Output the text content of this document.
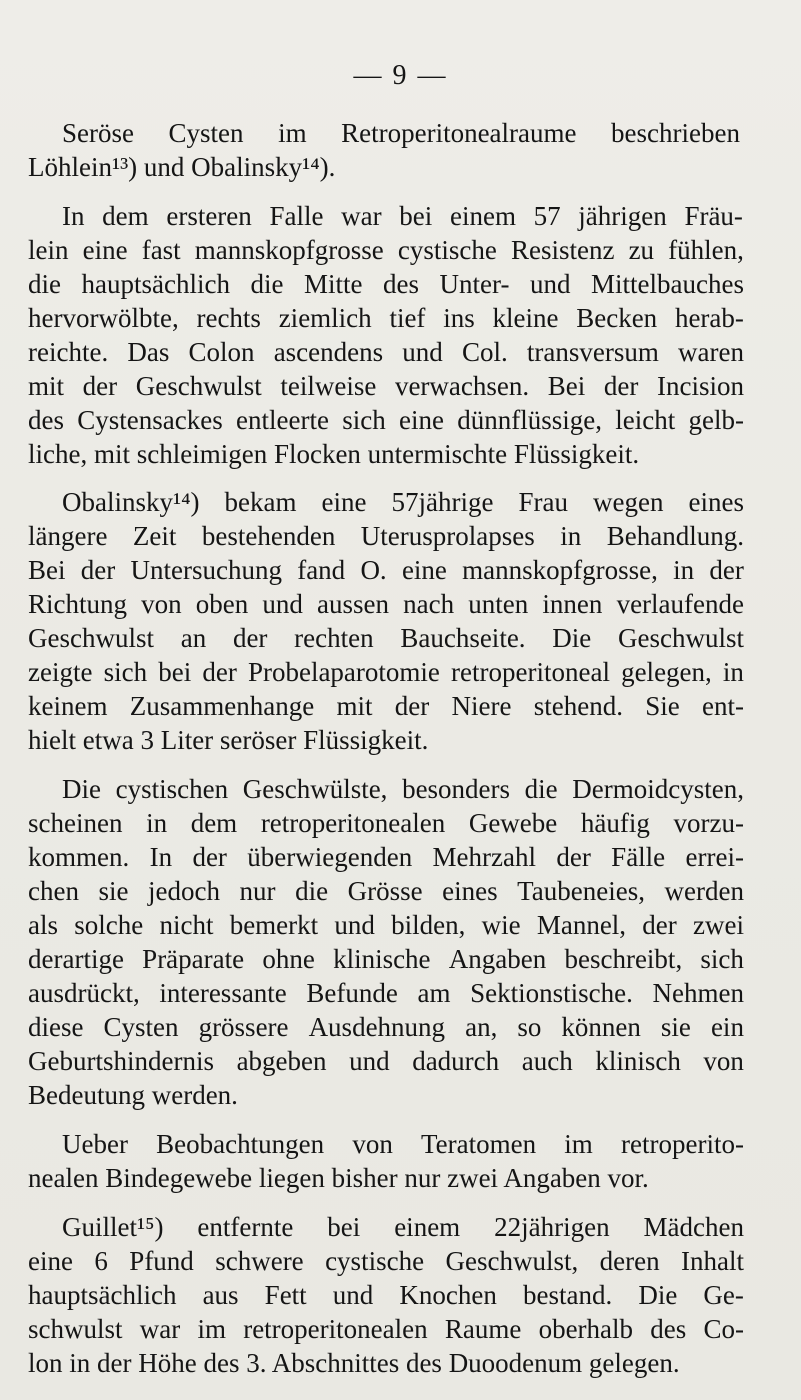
— 9 —
Seröse Cysten im Retroperitonealraume beschrieben
Löhlein¹³) und Obalinsky¹⁴).
In dem ersteren Falle war bei einem 57 jährigen Fräu-
lein eine fast mannskopfgrosse cystische Resistenz zu fühlen,
die hauptsächlich die Mitte des Unter- und Mittelbauches
hervorwölbte, rechts ziemlich tief ins kleine Becken herab-
reichte. Das Colon ascendens und Col. transversum waren
mit der Geschwulst teilweise verwachsen. Bei der Incision
des Cystensackes entleerte sich eine dünnflüssige, leicht gelb-
liche, mit schleimigen Flocken untermischte Flüssigkeit.
Obalinsky¹⁴) bekam eine 57jährige Frau wegen eines
längere Zeit bestehenden Uterusprolapses in Behandlung.
Bei der Untersuchung fand O. eine mannskopfgrosse, in der
Richtung von oben und aussen nach unten innen verlaufende
Geschwulst an der rechten Bauchseite. Die Geschwulst
zeigte sich bei der Probelaparotomie retroperitoneal gelegen, in
keinem Zusammenhange mit der Niere stehend. Sie ent-
hielt etwa 3 Liter seröser Flüssigkeit.
Die cystischen Geschwülste, besonders die Dermoidcysten,
scheinen in dem retroperitonealen Gewebe häufig vorzu-
kommen. In der überwiegenden Mehrzahl der Fälle errei-
chen sie jedoch nur die Grösse eines Taubeneies, werden
als solche nicht bemerkt und bilden, wie Mannel, der zwei
derartige Präparate ohne klinische Angaben beschreibt, sich
ausdrückt, interessante Befunde am Sektionstische. Nehmen
diese Cysten grössere Ausdehnung an, so können sie ein
Geburtshindernis abgeben und dadurch auch klinisch von
Bedeutung werden.
Ueber Beobachtungen von Teratomen im retroperito-
nealen Bindegewebe liegen bisher nur zwei Angaben vor.
Guillet¹⁵) entfernte bei einem 22jährigen Mädchen
eine 6 Pfund schwere cystische Geschwulst, deren Inhalt
hauptsächlich aus Fett und Knochen bestand. Die Ge-
schwulst war im retroperitonealen Raume oberhalb des Co-
lon in der Höhe des 3. Abschnittes des Duoodenum gelegen.
